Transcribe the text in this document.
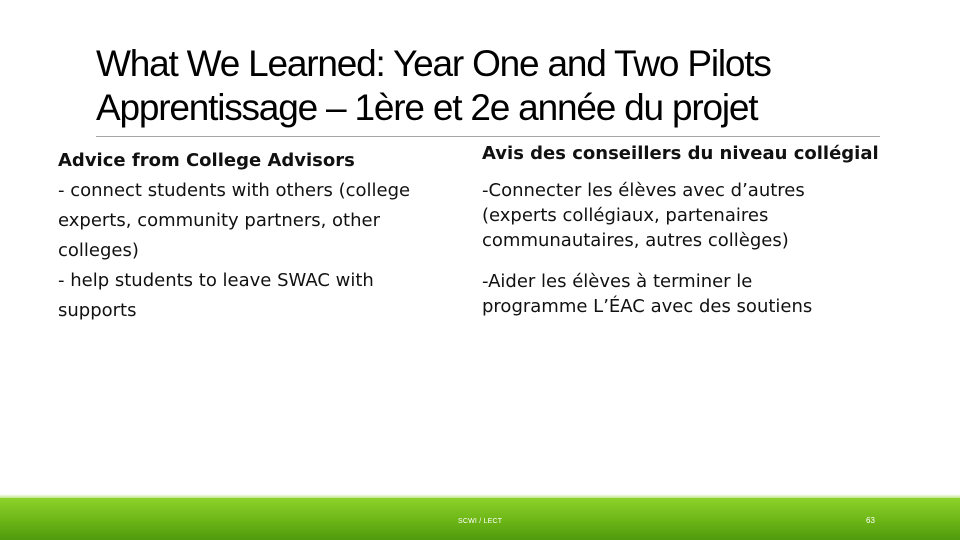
What We Learned: Year One and Two Pilots
Apprentissage – 1ère et 2e année du projet
Advice from College Advisors
- connect students with others (college
experts, community partners, other
colleges)
- help students to leave SWAC with
supports
Avis des conseillers du niveau collégial
-Connecter les élèves avec d’autres
(experts collégiaux, partenaires
communautaires, autres collèges)
-Aider les élèves à terminer le
programme L’ÉAC avec des soutiens
SCWI / LECT	63
